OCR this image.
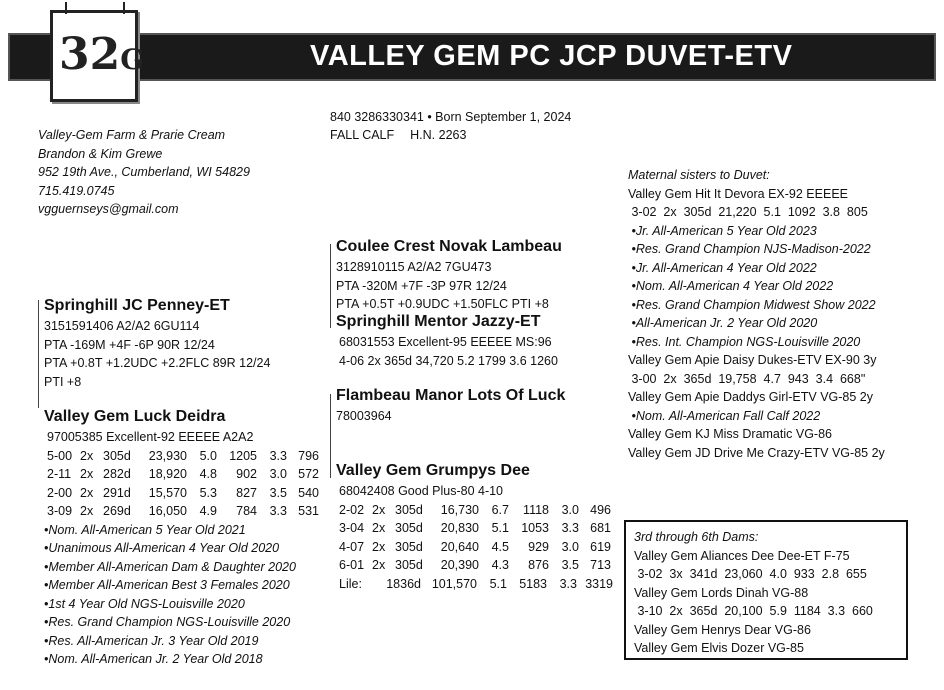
VALLEY GEM PC JCP DUVET-ETV
32G
840 3286330341 • Born September 1, 2024
FALL CALF H.N. 2263
Valley-Gem Farm & Prarie Cream
Brandon & Kim Grewe
952 19th Ave., Cumberland, WI 54829
715.419.0745
vgguernseys@gmail.com
Springhill JC Penney-ET
3151591406 A2/A2 6GU114
PTA -169M +4F -6P 90R 12/24
PTA +0.8T +1.2UDC +2.2FLC 89R 12/24
PTI +8
Valley Gem Luck Deidra
97005385 Excellent-92 EEEEE A2A2
5-00 2x 305d 23,930 5.0 1205 3.3 796
2-11 2x 282d 18,920 4.8 902 3.0 572
2-00 2x 291d 15,570 5.3 827 3.5 540
3-09 2x 269d 16,050 4.9 784 3.3 531
•Nom. All-American 5 Year Old 2021
•Unanimous All-American 4 Year Old 2020
•Member All-American Dam & Daughter 2020
•Member All-American Best 3 Females 2020
•1st 4 Year Old NGS-Louisville 2020
•Res. Grand Champion NGS-Louisville 2020
•Res. All-American Jr. 3 Year Old 2019
•Nom. All-American Jr. 2 Year Old 2018
Coulee Crest Novak Lambeau
3128910115 A2/A2 7GU473
PTA -320M +7F -3P 97R 12/24
PTA +0.5T +0.9UDC +1.50FLC PTI +8
Springhill Mentor Jazzy-ET
68031553 Excellent-95 EEEEE MS:96
4-06 2x 365d 34,720 5.2 1799 3.6 1260
Flambeau Manor Lots Of Luck
78003964
Valley Gem Grumpys Dee
68042408 Good Plus-80 4-10
2-02 2x 305d 16,730 6.7 1118 3.0 496
3-04 2x 305d 20,830 5.1 1053 3.3 681
4-07 2x 305d 20,640 4.5 929 3.0 619
6-01 2x 305d 20,390 4.3 876 3.5 713
Lile: 1836d 101,570 5.1 5183 3.3 3319
Maternal sisters to Duvet:
Valley Gem Hit It Devora EX-92 EEEEE
3-02  2x  305d  21,220  5.1  1092  3.8  805
•Jr. All-American 5 Year Old 2023
•Res. Grand Champion NJS-Madison-2022
•Jr. All-American 4 Year Old 2022
•Nom. All-American 4 Year Old 2022
•Res. Grand Champion Midwest Show 2022
•All-American Jr. 2 Year Old 2020
•Res. Int. Champion NGS-Louisville 2020
Valley Gem Apie Daisy Dukes-ETV EX-90 3y
3-00  2x  365d  19,758  4.7  943  3.4  668"
Valley Gem Apie Daddys Girl-ETV VG-85 2y
•Nom. All-American Fall Calf 2022
Valley Gem KJ Miss Dramatic VG-86
Valley Gem JD Drive Me Crazy-ETV VG-85 2y
3rd through 6th Dams:
Valley Gem Aliances Dee Dee-ET F-75
3-02  3x  341d  23,060  4.0  933  2.8  655
Valley Gem Lords Dinah VG-88
3-10  2x  365d  20,100  5.9  1184  3.3  660
Valley Gem Henrys Dear VG-86
Valley Gem Elvis Dozer VG-85
